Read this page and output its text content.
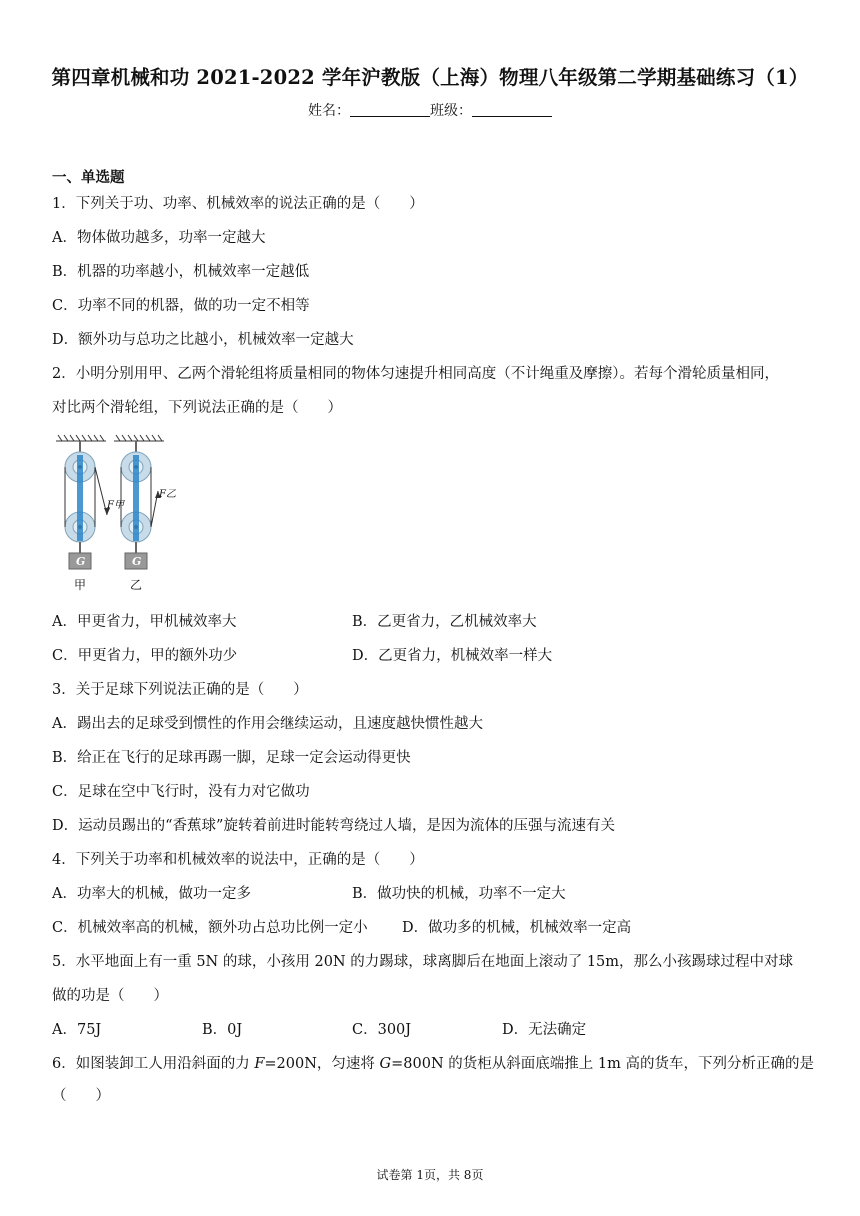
第四章机械和功 2021-2022 学年沪教版（上海）物理八年级第二学期基础练习（1）
姓名：	班级：
一、单选题
1．下列关于功、功率、机械效率的说法正确的是（　　）
A．物体做功越多，功率一定越大
B．机器的功率越小，机械效率一定越低
C．功率不同的机器，做的功一定不相等
D．额外功与总功之比越小，机械效率一定越大
2．小明分别用甲、乙两个滑轮组将质量相同的物体匀速提升相同高度（不计绳重及摩擦）。若每个滑轮质量相同，
对比两个滑轮组，下列说法正确的是（　　）
F甲
F乙
G	G
甲	乙
A．甲更省力，甲机械效率大	B．乙更省力，乙机械效率大
C．甲更省力，甲的额外功少	D．乙更省力，机械效率一样大
3．关于足球下列说法正确的是（　　）
A．踢出去的足球受到惯性的作用会继续运动，且速度越快惯性越大
B．给正在飞行的足球再踢一脚，足球一定会运动得更快
C．足球在空中飞行时，没有力对它做功
D．运动员踢出的“香蕉球”旋转着前进时能转弯绕过人墙，是因为流体的压强与流速有关
4．下列关于功率和机械效率的说法中，正确的是（　　）
A．功率大的机械，做功一定多	B．做功快的机械，功率不一定大
C．机械效率高的机械，额外功占总功比例一定小 D．做功多的机械，机械效率一定高
5．水平地面上有一重 5N 的球，小孩用 20N 的力踢球，球离脚后在地面上滚动了 15m，那么小孩踢球过程中对球
做的功是（　　）
A．75J	B．0J	C．300J	D．无法确定
6．如图装卸工人用沿斜面的力 F=200N，匀速将 G=800N 的货柜从斜面底端推上 1m 高的货车，下列分析正确的是
（　　）
试卷第 1页，共 8页
